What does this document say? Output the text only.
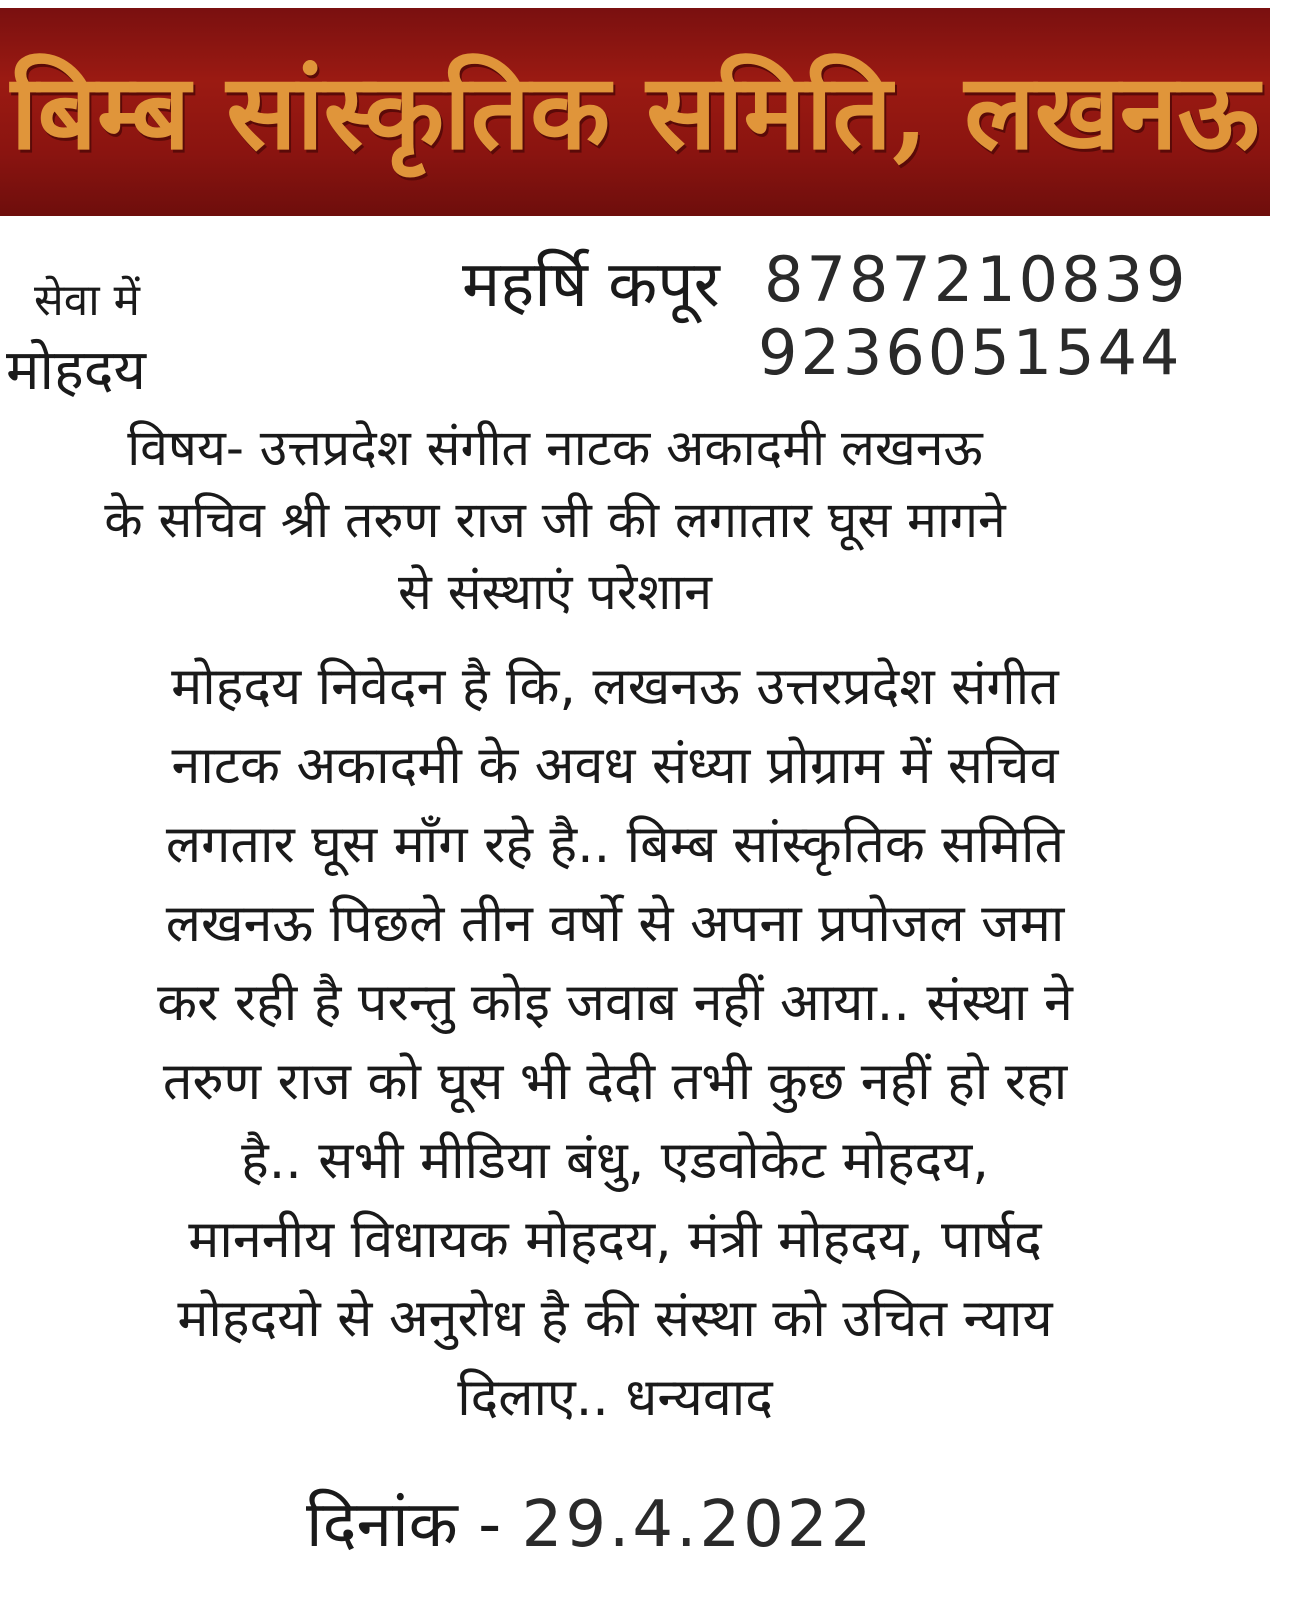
बिम्ब सांस्कृतिक समिति, लखनऊ
सेवा में
मोहदय
महर्षि कपूर 8787210839
9236051544
विषय- उत्तप्रदेश संगीत नाटक अकादमी लखनऊ
के सचिव श्री तरुण राज जी की लगातार घूस मागने
से संस्थाएं परेशान
मोहदय निवेदन है कि, लखनऊ उत्तरप्रदेश संगीत
नाटक अकादमी के अवध संध्या प्रोग्राम में सचिव
लगतार घूस माँग रहे है.. बिम्ब सांस्कृतिक समिति
लखनऊ पिछले तीन वर्षो से अपना प्रपोजल जमा
कर रही है परन्तु कोइ जवाब नहीं आया.. संस्था ने
तरुण राज को घूस भी देदी तभी कुछ नहीं हो रहा
है.. सभी मीडिया बंधु, एडवोकेट मोहदय,
माननीय विधायक मोहदय, मंत्री मोहदय, पार्षद
मोहदयो से अनुरोध है की संस्था को उचित न्याय
दिलाए.. धन्यवाद
दिनांक - 29.4.2022
